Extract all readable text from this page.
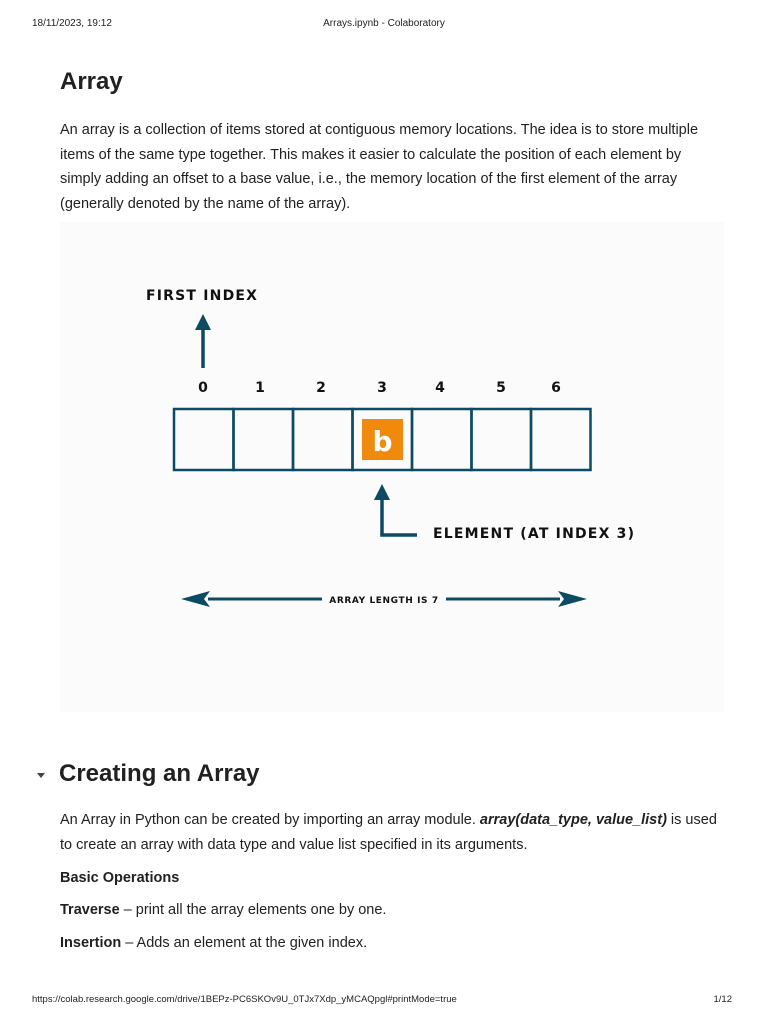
18/11/2023, 19:12	Arrays.ipynb - Colaboratory
Array

An array is a collection of items stored at contiguous memory locations. The idea is to store multiple items of the same type together. This makes it easier to calculate the position of each element by simply adding an offset to a base value, i.e., the memory location of the first element of the array (generally denoted by the name of the array).

FIRST INDEX
0	1	2	3	4	5	6
b
ELEMENT (AT INDEX 3)
ARRAY LENGTH IS 7
Creating an Array

An Array in Python can be created by importing an array module. array(data_type, value_list) is used to create an array with data type and value list specified in its arguments.

Basic Operations

Traverse – print all the array elements one by one.

Insertion – Adds an element at the given index.

https://colab.research.google.com/drive/1BEPz-PC6SKOv9U_0TJx7Xdp_yMCAQpgl#printMode=true	1/12
